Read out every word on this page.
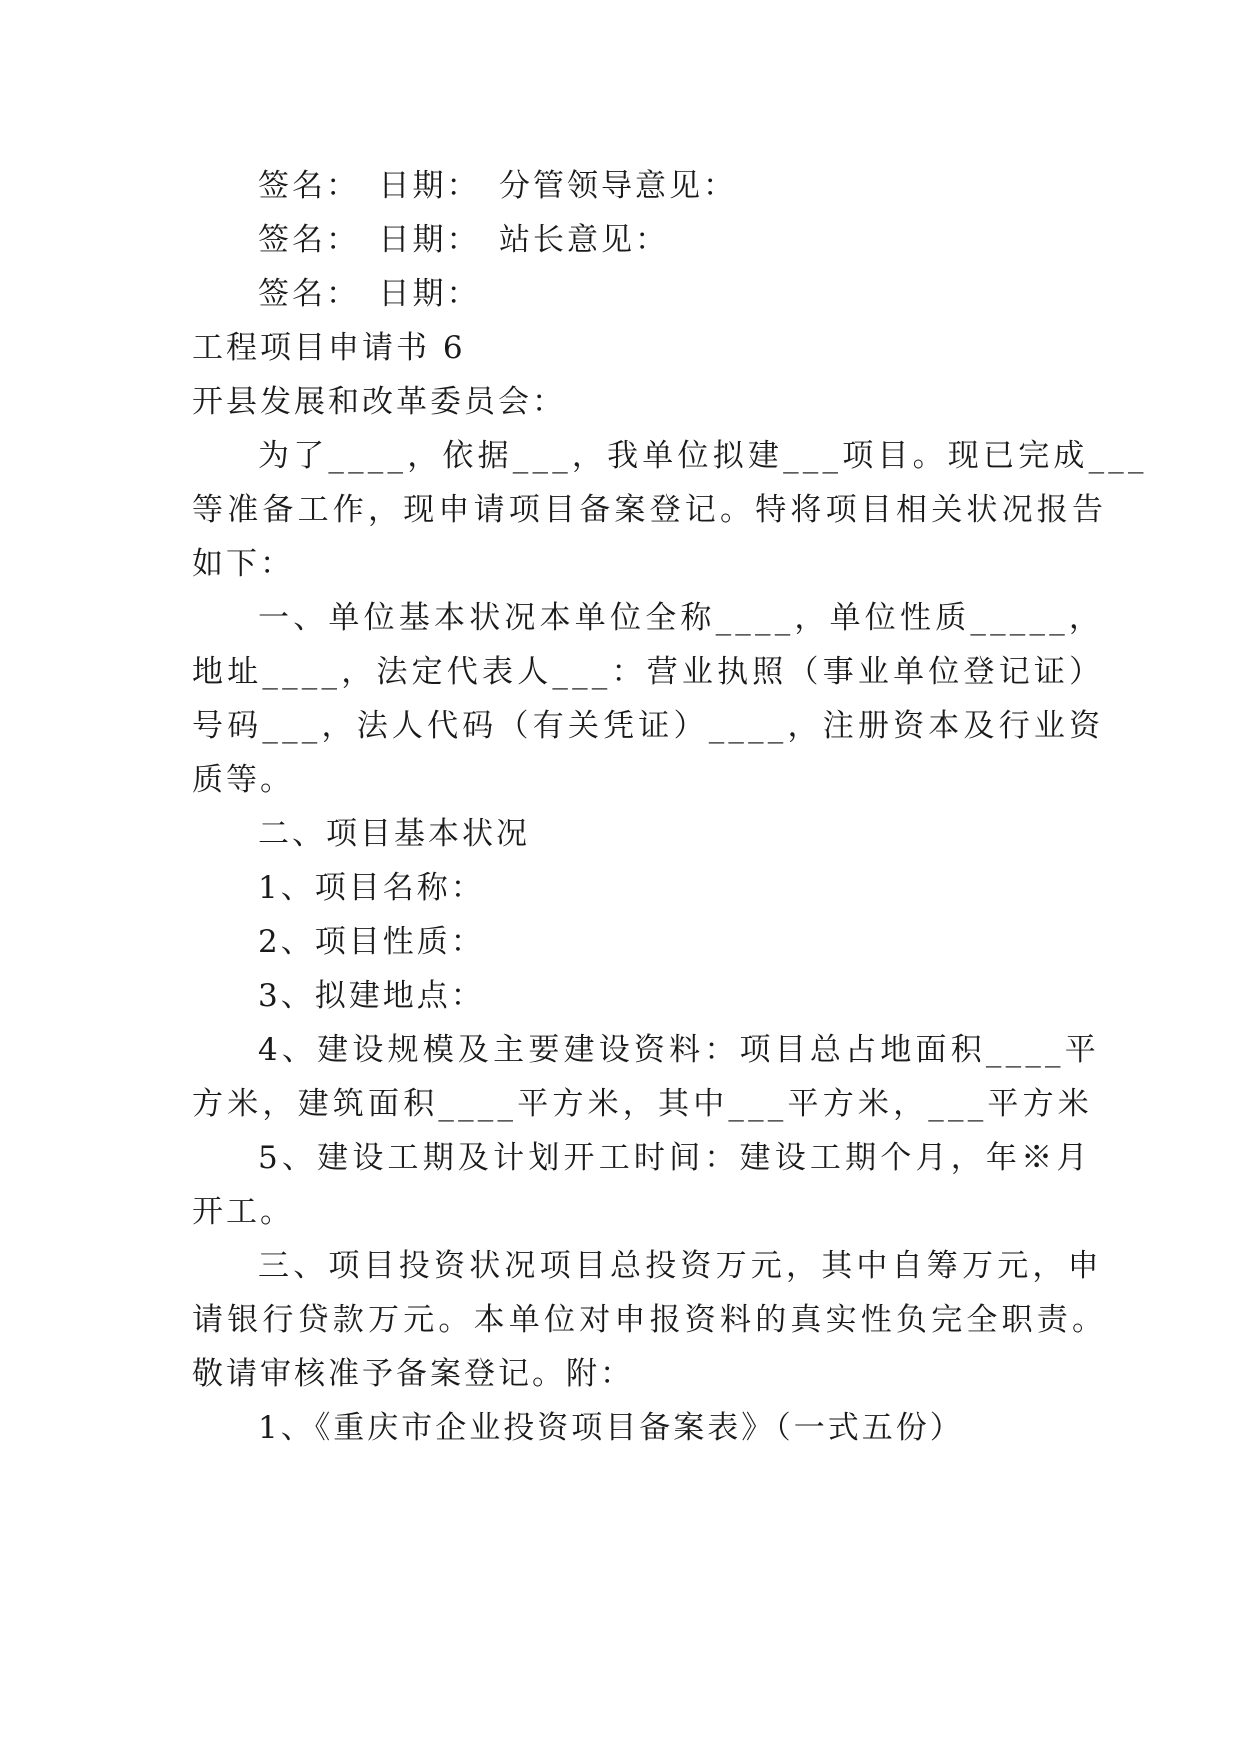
签名：　日期：　分管领导意见：

签名：　日期：　站长意见：

签名：　日期：

工程项目申请书 6

开县发展和改革委员会：

为了____，依据___，我单位拟建___项目。现已完成___

等准备工作，现申请项目备案登记。特将项目相关状况报告

如下：

一、单位基本状况本单位全称____，单位性质_____，

地址____，法定代表人___：营业执照（事业单位登记证）

号码___，法人代码（有关凭证）____，注册资本及行业资

质等。

二、项目基本状况

1、项目名称：

2、项目性质：

3、拟建地点：

4、建设规模及主要建设资料：项目总占地面积____平

方米，建筑面积____平方米，其中___平方米，___平方米

5、建设工期及计划开工时间：建设工期个月，年※月

开工。

三、项目投资状况项目总投资万元，其中自筹万元，申

请银行贷款万元。本单位对申报资料的真实性负完全职责。

敬请审核准予备案登记。附：

1、《重庆市企业投资项目备案表》（一式五份）
